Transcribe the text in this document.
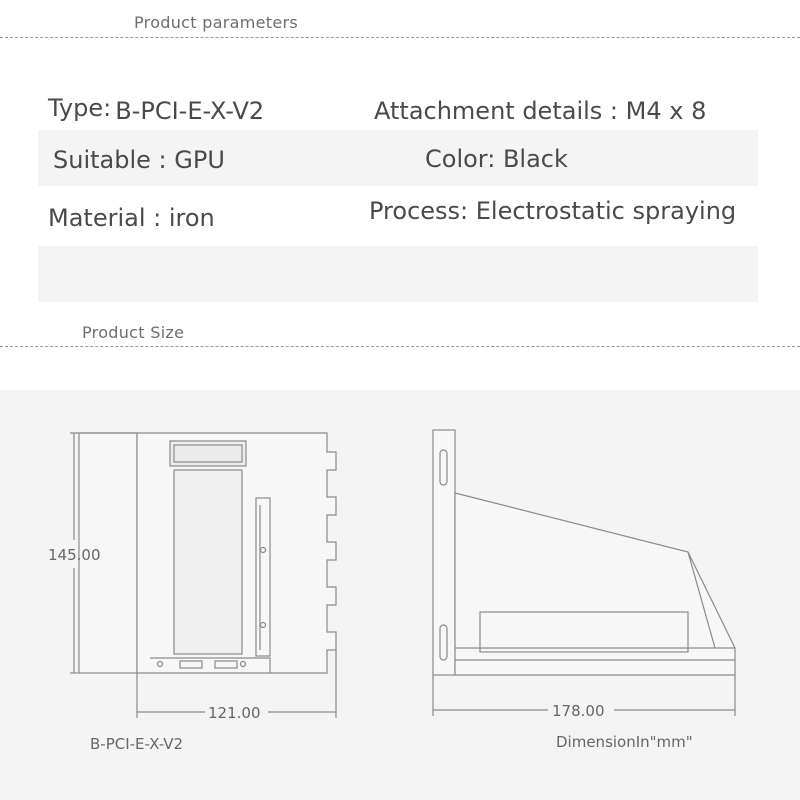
Product parameters
Type: B-PCI-E-X-V2	Attachment details : M4 x 8
Suitable : GPU	Color: Black
Material : iron	Process: Electrostatic spraying
Product Size
145.00
121.00	178.00
B-PCI-E-X-V2	DimensionIn"mm"
